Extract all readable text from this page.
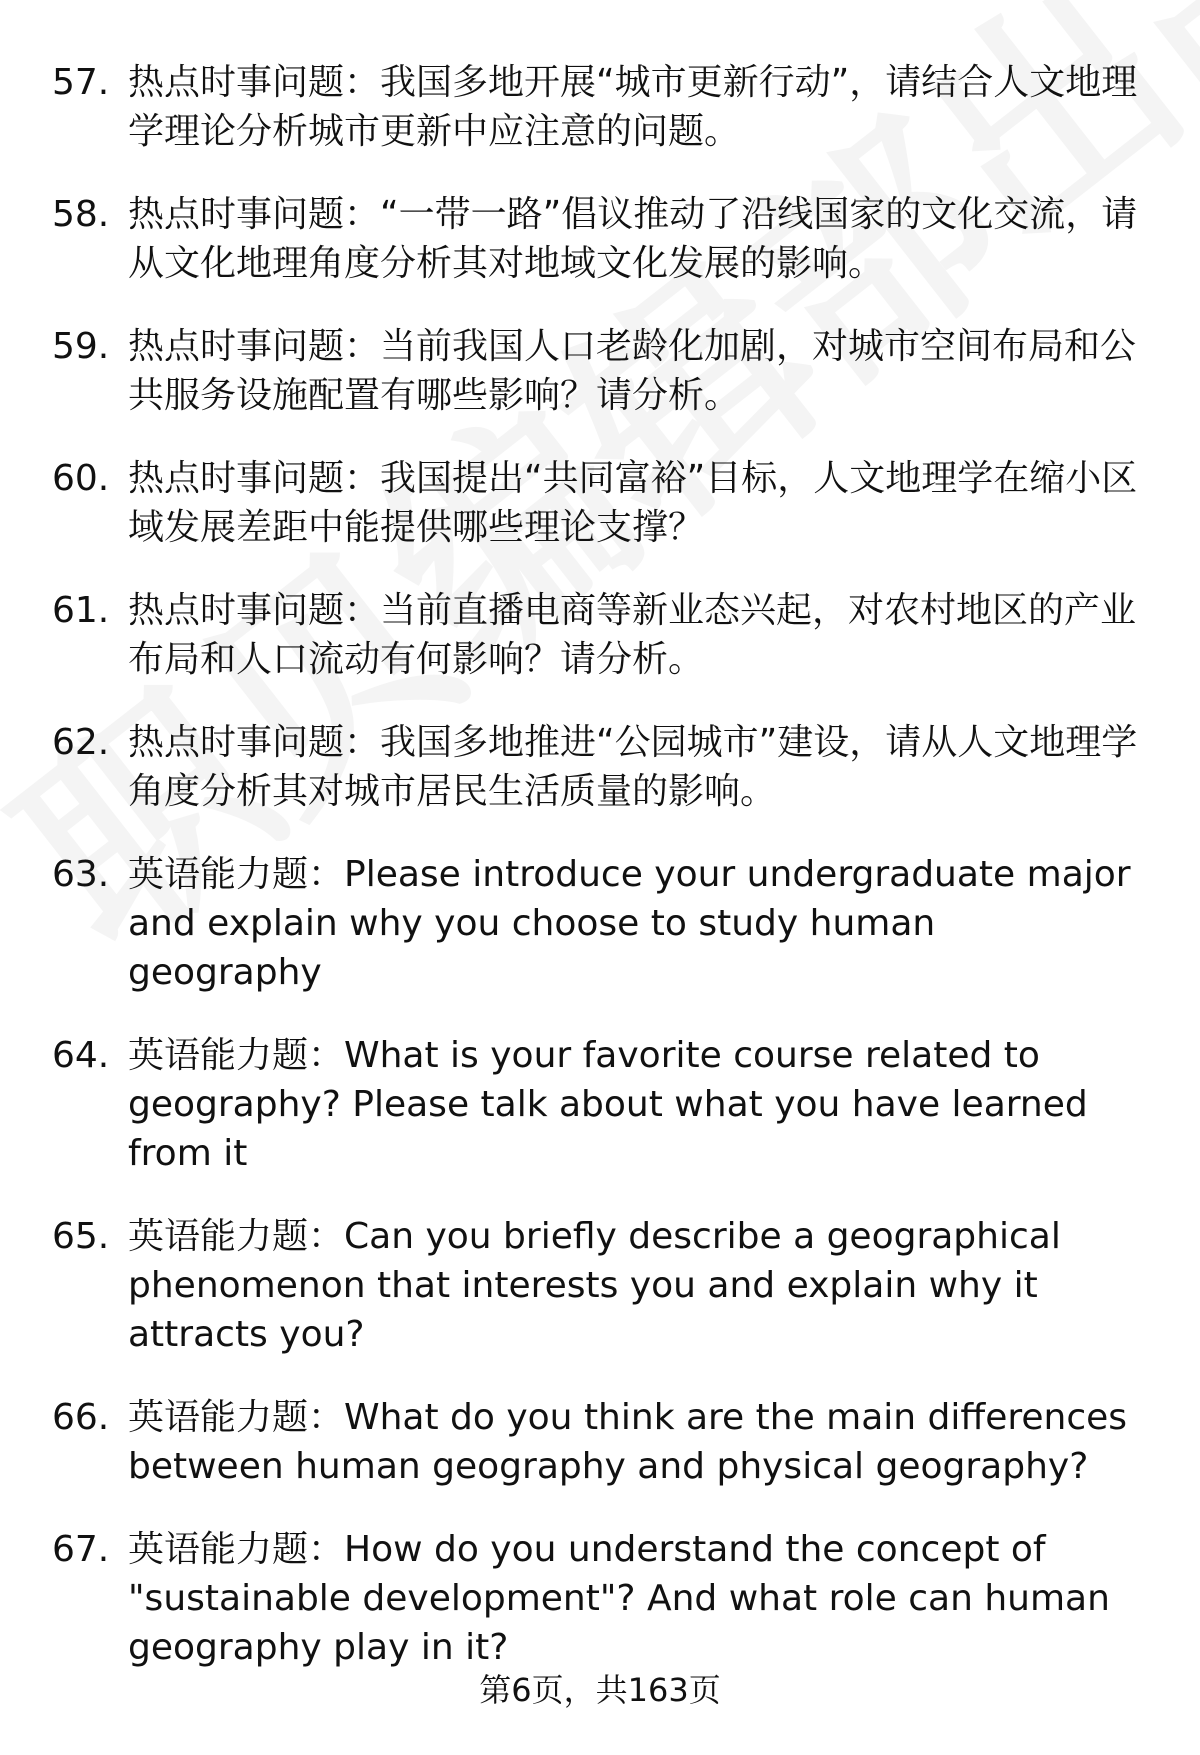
57. 热点时事问题：我国多地开展“城市更新行动”，请结合人文地理学理论分析城市更新中应注意的问题。
58. 热点时事问题：“一带一路”倡议推动了沿线国家的文化交流，请从文化地理角度分析其对地域文化发展的影响。
59. 热点时事问题：当前我国人口老龄化加剧，对城市空间布局和公共服务设施配置有哪些影响？请分析。
60. 热点时事问题：我国提出“共同富裕”目标，人文地理学在缩小区域发展差距中能提供哪些理论支撑？
61. 热点时事问题：当前直播电商等新业态兴起，对农村地区的产业布局和人口流动有何影响？请分析。
62. 热点时事问题：我国多地推进“公园城市”建设，请从人文地理学角度分析其对城市居民生活质量的影响。
63. 英语能力题：Please introduce your undergraduate major and explain why you choose to study human geography
64. 英语能力题：What is your favorite course related to geography? Please talk about what you have learned from it
65. 英语能力题：Can you briefly describe a geographical phenomenon that interests you and explain why it attracts you?
66. 英语能力题：What do you think are the main differences between human geography and physical geography?
67. 英语能力题：How do you understand the concept of "sustainable development"? And what role can human geography play in it?
第6页，共163页
